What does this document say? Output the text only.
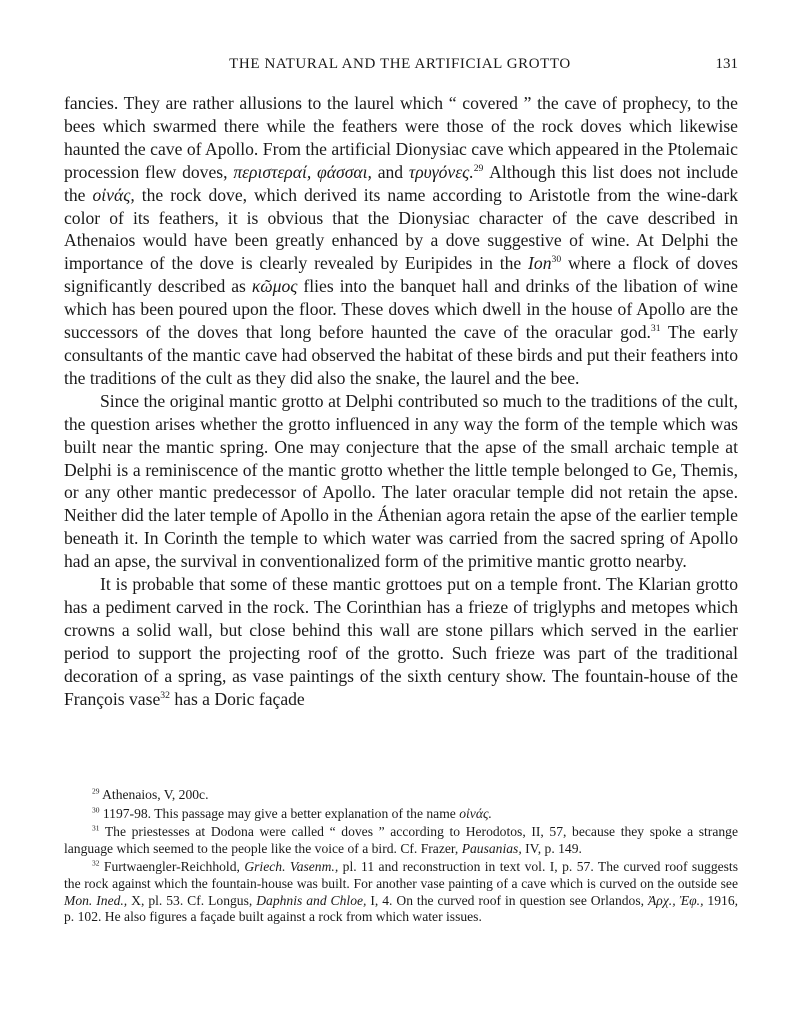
THE NATURAL AND THE ARTIFICIAL GROTTO	131

fancies. They are rather allusions to the laurel which “ covered ” the cave of prophecy, to the bees which swarmed there while the feathers were those of the rock doves which likewise haunted the cave of Apollo. From the artificial Dionysiac cave which appeared in the Ptolemaic procession flew doves, περιστεραί, φάσσαι, and τρυγόνες.$^{29}$ Although this list does not include the οἰνάς, the rock dove, which derived its name according to Aristotle from the wine-dark color of its feathers, it is obvious that the Dionysiac character of the cave described in Athenaios would have been greatly enhanced by a dove suggestive of wine. At Delphi the importance of the dove is clearly revealed by Euripides in the Ion$^{30}$ where a flock of doves significantly described as κῶμος flies into the banquet hall and drinks of the libation of wine which has been poured upon the floor. These doves which dwell in the house of Apollo are the successors of the doves that long before haunted the cave of the oracular god.$^{31}$ The early consultants of the mantic cave had observed the habitat of these birds and put their feathers into the traditions of the cult as they did also the snake, the laurel and the bee.

Since the original mantic grotto at Delphi contributed so much to the traditions of the cult, the question arises whether the grotto influenced in any way the form of the temple which was built near the mantic spring. One may conjecture that the apse of the small archaic temple at Delphi is a reminiscence of the mantic grotto whether the little temple belonged to Ge, Themis, or any other mantic predecessor of Apollo. The later oracular temple did not retain the apse. Neither did the later temple of Apollo in the Áthenian agora retain the apse of the earlier temple beneath it. In Corinth the temple to which water was carried from the sacred spring of Apollo had an apse, the survival in conventionalized form of the primitive mantic grotto nearby.

It is probable that some of these mantic grottoes put on a temple front. The Klarian grotto has a pediment carved in the rock. The Corinthian has a frieze of triglyphs and metopes which crowns a solid wall, but close behind this wall are stone pillars which served in the earlier period to support the projecting roof of the grotto. Such frieze was part of the traditional decoration of a spring, as vase paintings of the sixth century show. The fountain-house of the François vase$^{32}$ has a Doric façade

$^{29}$ Athenaios, V, 200c.

$^{30}$ 1197-98. This passage may give a better explanation of the name οἰνάς.

$^{31}$ The priestesses at Dodona were called “ doves ” according to Herodotos, II, 57, because they spoke a strange language which seemed to the people like the voice of a bird. Cf. Frazer, Pausanias, IV, p. 149.

$^{32}$ Furtwaengler-Reichhold, Griech. Vasenm., pl. 11 and reconstruction in text vol. I, p. 57. The curved roof suggests the rock against which the fountain-house was built. For another vase painting of a cave which is curved on the outside see Mon. Ined., X, pl. 53. Cf. Longus, Daphnis and Chloe, I, 4. On the curved roof in question see Orlandos, Ἀρχ., Ἐφ., 1916, p. 102. He also figures a façade built against a rock from which water issues.
